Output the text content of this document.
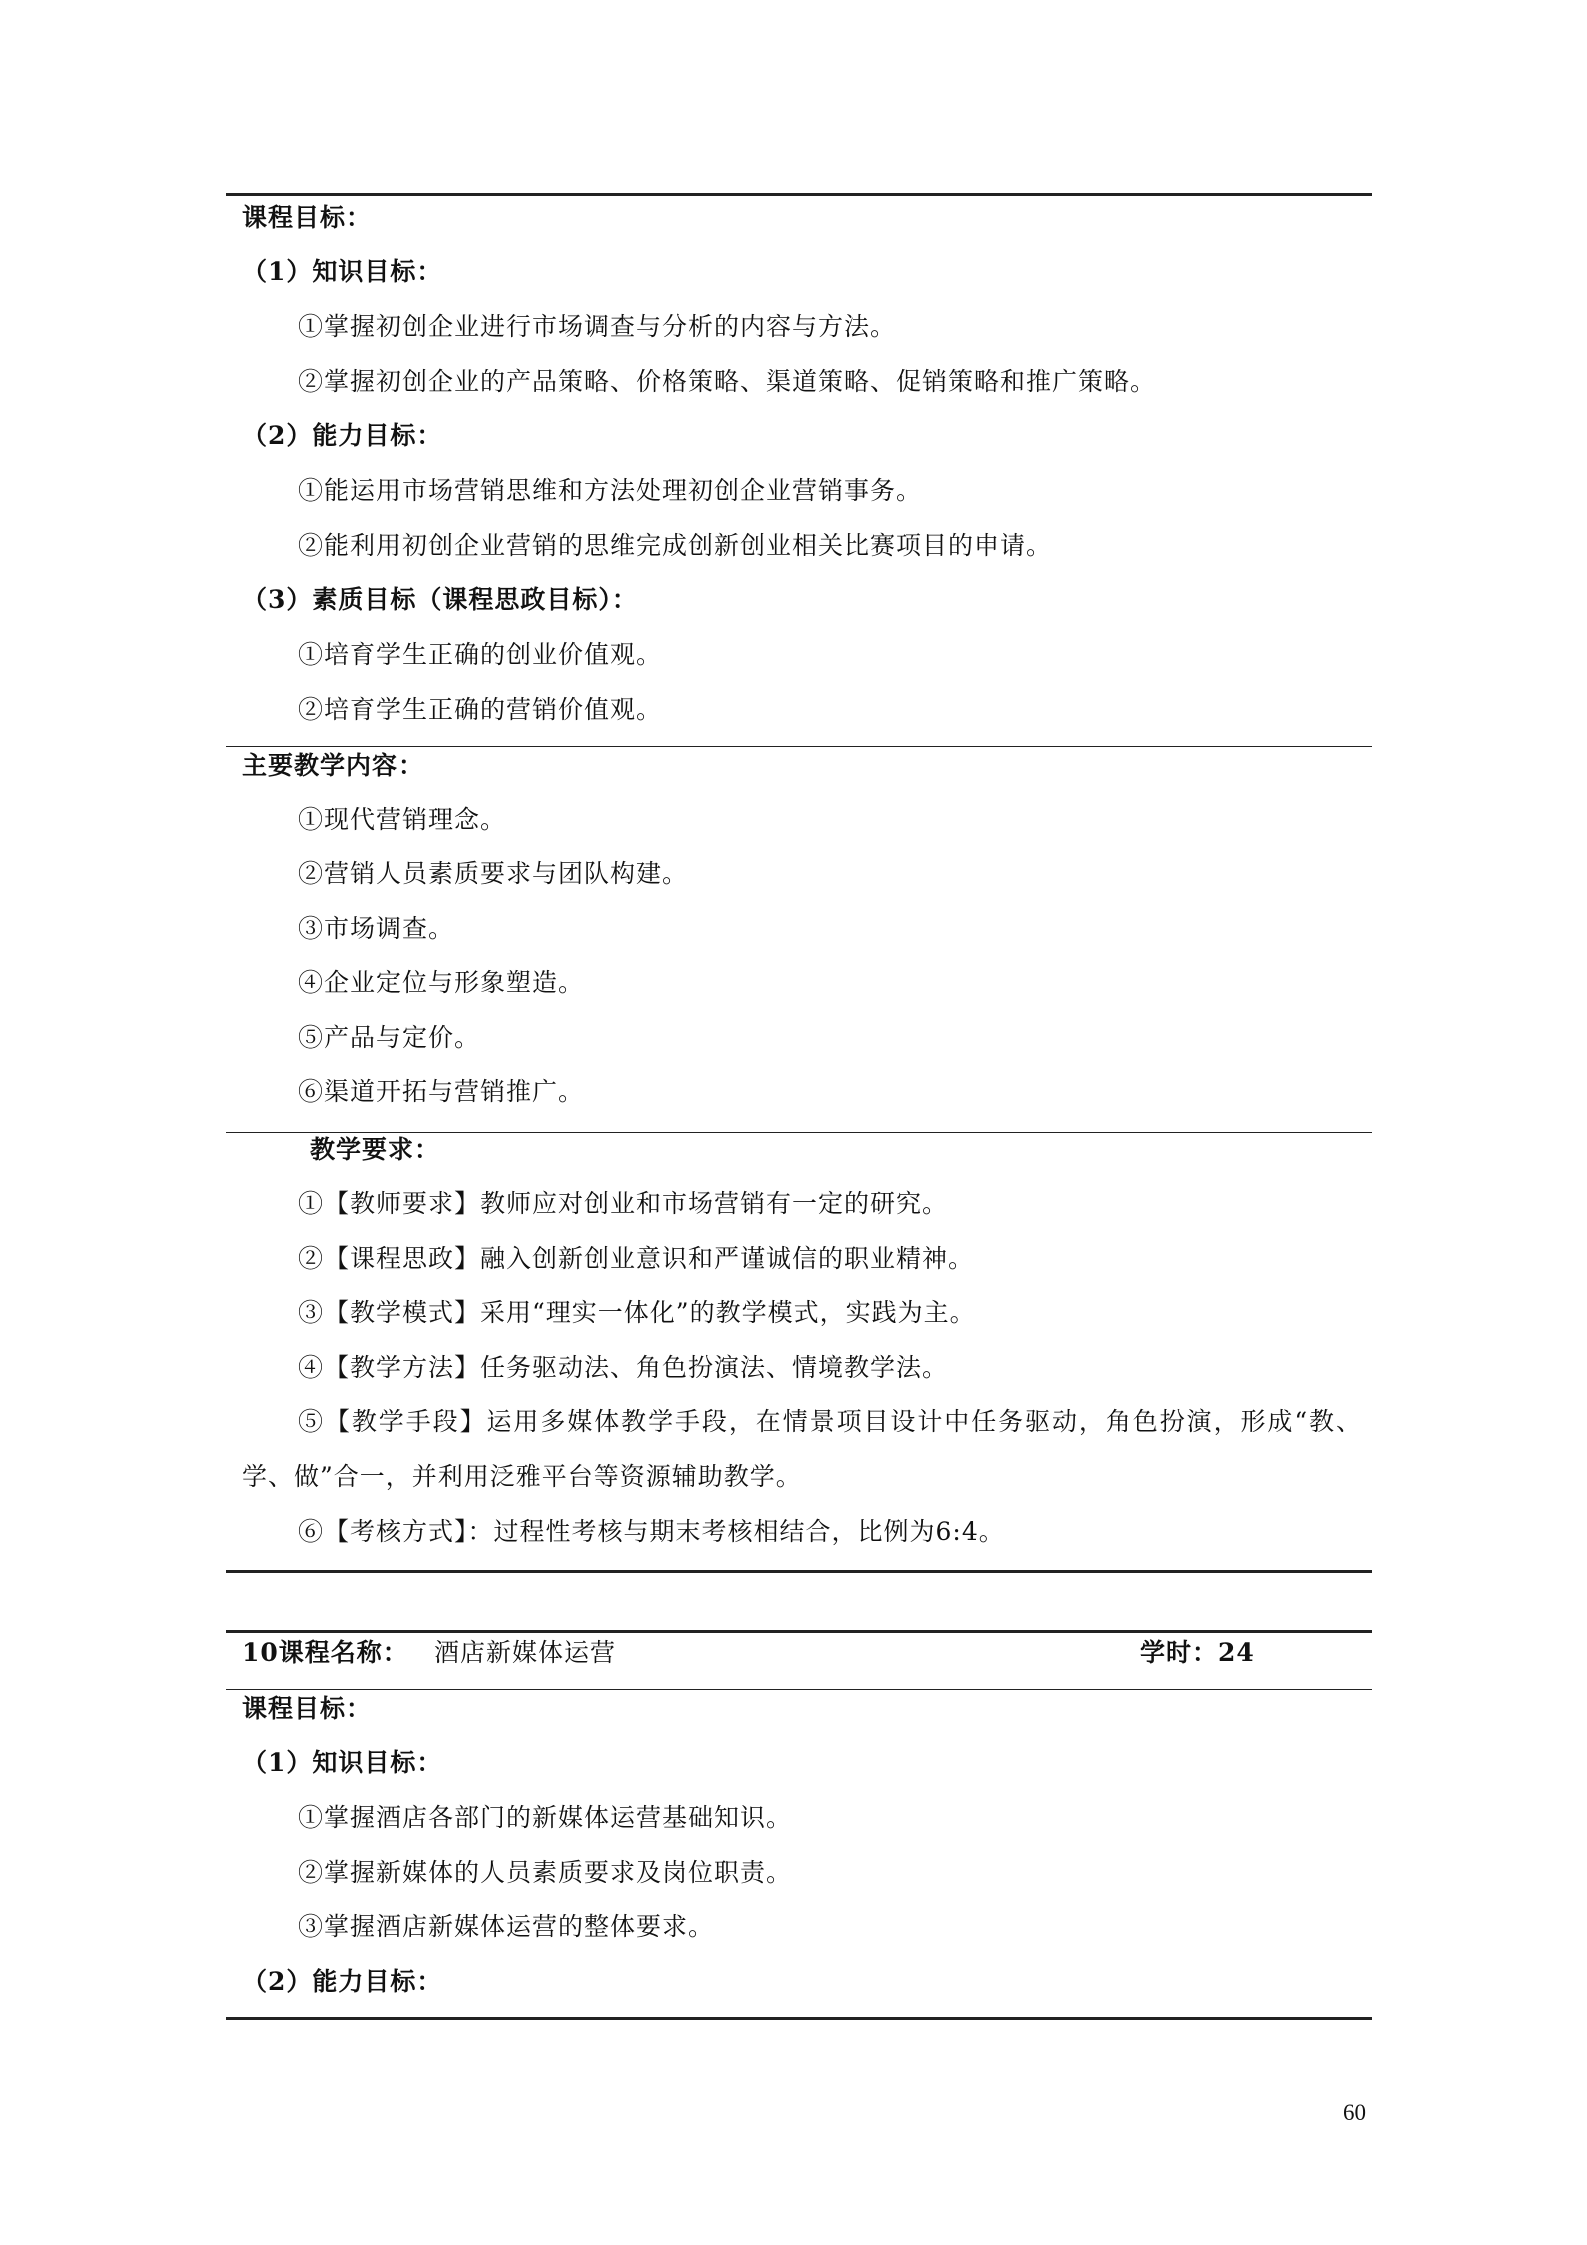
课程目标：
（1）知识目标：
①掌握初创企业进行市场调查与分析的内容与方法。
②掌握初创企业的产品策略、价格策略、渠道策略、促销策略和推广策略。
（2）能力目标：
①能运用市场营销思维和方法处理初创企业营销事务。
②能利用初创企业营销的思维完成创新创业相关比赛项目的申请。
（3）素质目标（课程思政目标）：
①培育学生正确的创业价值观。
②培育学生正确的营销价值观。
主要教学内容：
①现代营销理念。
②营销人员素质要求与团队构建。
③市场调查。
④企业定位与形象塑造。
⑤产品与定价。
⑥渠道开拓与营销推广。
教学要求：
①【教师要求】教师应对创业和市场营销有一定的研究。
②【课程思政】融入创新创业意识和严谨诚信的职业精神。
③【教学模式】采用“理实一体化”的教学模式，实践为主。
④【教学方法】任务驱动法、角色扮演法、情境教学法。
⑤【教学手段】运用多媒体教学手段，在情景项目设计中任务驱动，角色扮演，形成“教、学、做”合一，并利用泛雅平台等资源辅助教学。
⑥【考核方式】：过程性考核与期末考核相结合，比例为6:4。
10课程名称： 酒店新媒体运营	学时：24
课程目标：
（1）知识目标：
①掌握酒店各部门的新媒体运营基础知识。
②掌握新媒体的人员素质要求及岗位职责。
③掌握酒店新媒体运营的整体要求。
（2）能力目标：
60
